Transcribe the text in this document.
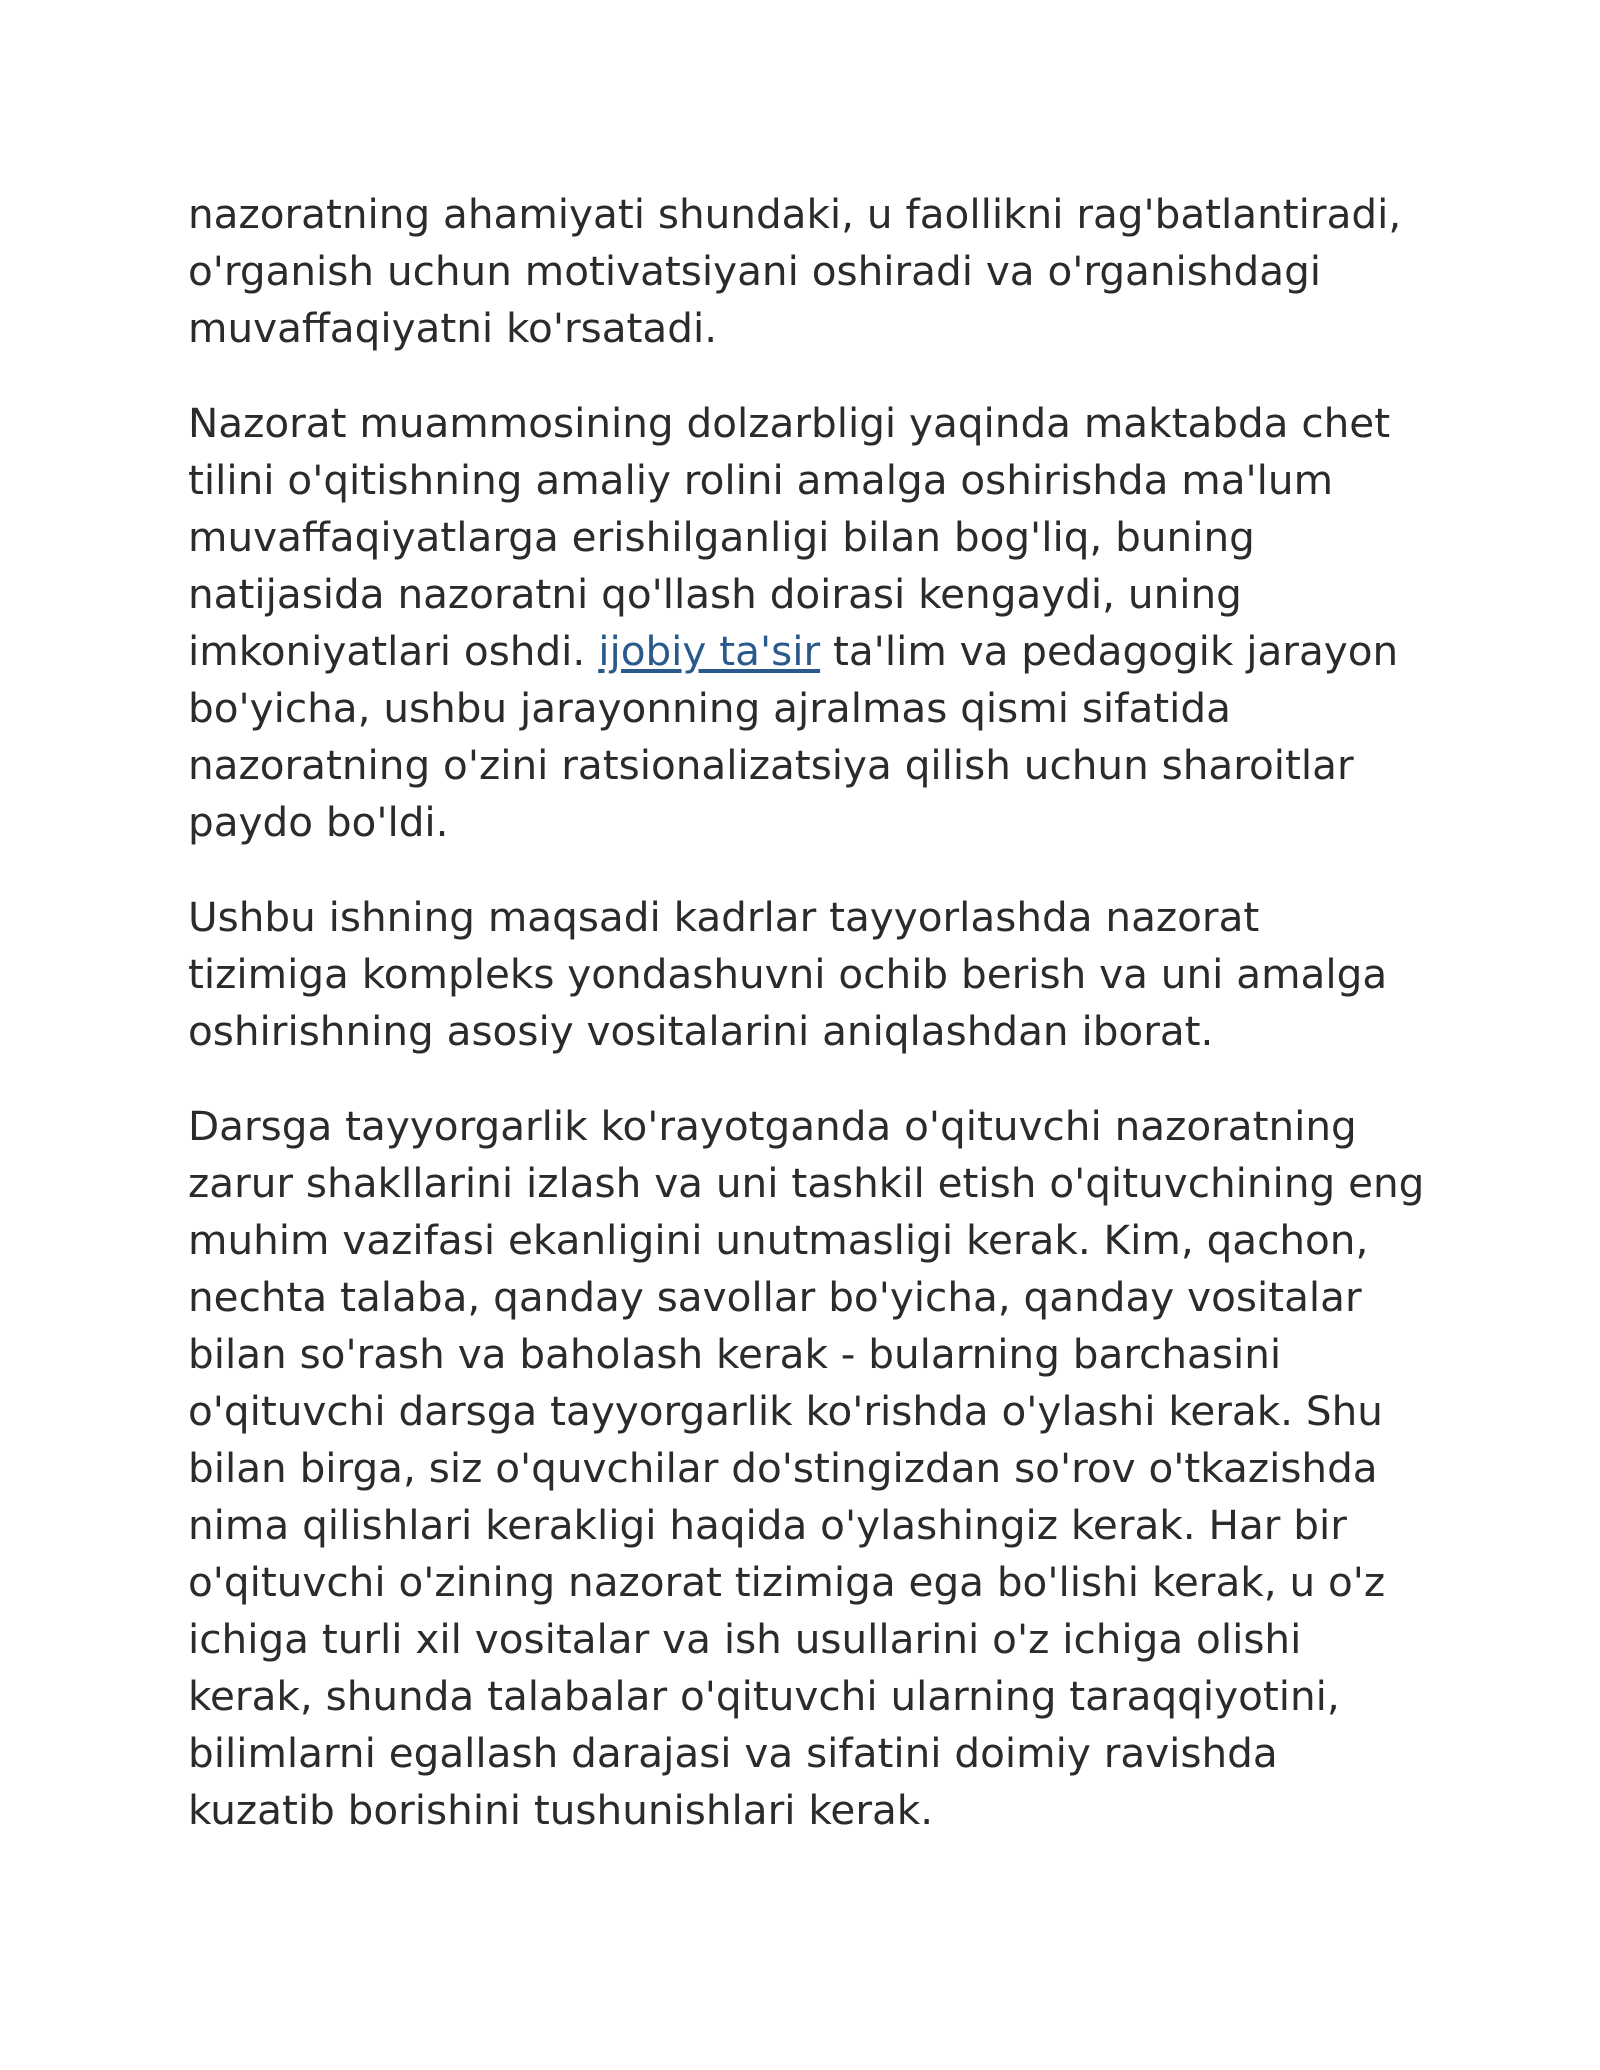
nazoratning ahamiyati shundaki, u faollikni rag'batlantiradi, o'rganish uchun motivatsiyani oshiradi va o'rganishdagi muvaffaqiyatni ko'rsatadi.

Nazorat muammosining dolzarbligi yaqinda maktabda chet tilini o'qitishning amaliy rolini amalga oshirishda ma'lum muvaffaqiyatlarga erishilganligi bilan bog'liq, buning natijasida nazoratni qo'llash doirasi kengaydi, uning imkoniyatlari oshdi. ijobiy ta'sir ta'lim va pedagogik jarayon bo'yicha, ushbu jarayonning ajralmas qismi sifatida nazoratning o'zini ratsionalizatsiya qilish uchun sharoitlar paydo bo'ldi.

Ushbu ishning maqsadi kadrlar tayyorlashda nazorat tizimiga kompleks yondashuvni ochib berish va uni amalga oshirishning asosiy vositalarini aniqlashdan iborat.

Darsga tayyorgarlik ko'rayotganda o'qituvchi nazoratning zarur shakllarini izlash va uni tashkil etish o'qituvchining eng muhim vazifasi ekanligini unutmasligi kerak. Kim, qachon, nechta talaba, qanday savollar bo'yicha, qanday vositalar bilan so'rash va baholash kerak - bularning barchasini o'qituvchi darsga tayyorgarlik ko'rishda o'ylashi kerak. Shu bilan birga, siz o'quvchilar do'stingizdan so'rov o'tkazishda nima qilishlari kerakligi haqida o'ylashingiz kerak. Har bir o'qituvchi o'zining nazorat tizimiga ega bo'lishi kerak, u o'z ichiga turli xil vositalar va ish usullarini o'z ichiga olishi kerak, shunda talabalar o'qituvchi ularning taraqqiyotini, bilimlarni egallash darajasi va sifatini doimiy ravishda kuzatib borishini tushunishlari kerak.
